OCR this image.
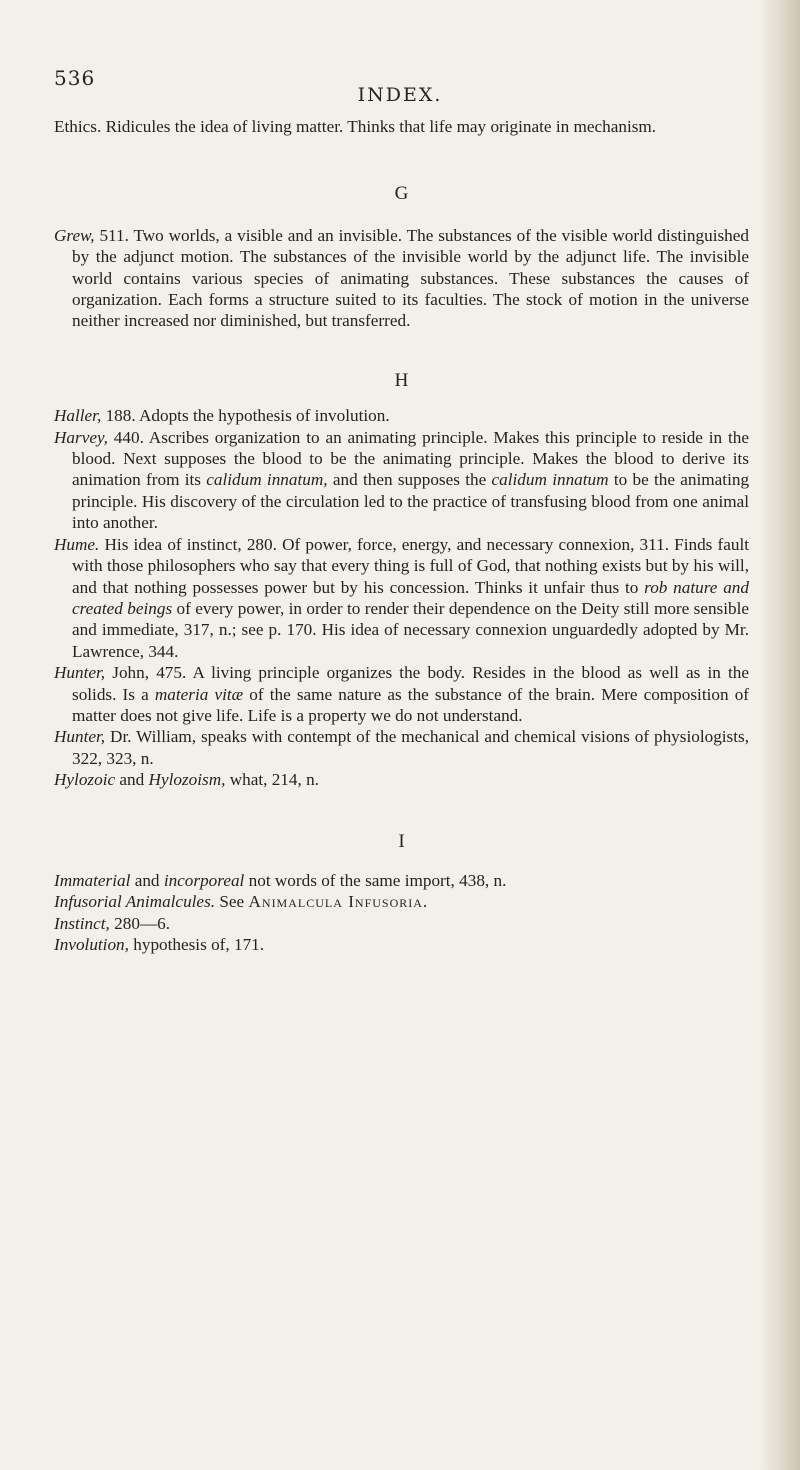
536
INDEX.

Ethics. Ridicules the idea of living matter. Thinks that life may originate in mechanism.

G

Grew, 511. Two worlds, a visible and an invisible. The substances of the visible world distinguished by the adjunct motion. The substances of the invisible world by the adjunct life. The invisible world contains various species of animating substances. These substances the causes of organization. Each forms a structure suited to its faculties. The stock of motion in the universe neither increased nor diminished, but transferred.

H

Haller, 188. Adopts the hypothesis of involution.

Harvey, 440. Ascribes organization to an animating principle. Makes this principle to reside in the blood. Next supposes the blood to be the animating principle. Makes the blood to derive its animation from its calidum innatum, and then supposes the calidum innatum to be the animating principle. His discovery of the circulation led to the practice of transfusing blood from one animal into another.

Hume. His idea of instinct, 280. Of power, force, energy, and necessary connexion, 311. Finds fault with those philosophers who say that every thing is full of God, that nothing exists but by his will, and that nothing possesses power but by his concession. Thinks it unfair thus to rob nature and created beings of every power, in order to render their dependence on the Deity still more sensible and immediate, 317, n.; see p. 170. His idea of necessary connexion unguardedly adopted by Mr. Lawrence, 344.

Hunter, John, 475. A living principle organizes the body. Resides in the blood as well as in the solids. Is a materia vitæ of the same nature as the substance of the brain. Mere composition of matter does not give life. Life is a property we do not understand.

Hunter, Dr. William, speaks with contempt of the mechanical and chemical visions of physiologists, 322, 323, n.

Hylozoic and Hylozoism, what, 214, n.

I

Immaterial and incorporeal not words of the same import, 438, n.

Infusorial Animalcules. See Animalcula Infusoria.

Instinct, 280—6.

Involution, hypothesis of, 171.
